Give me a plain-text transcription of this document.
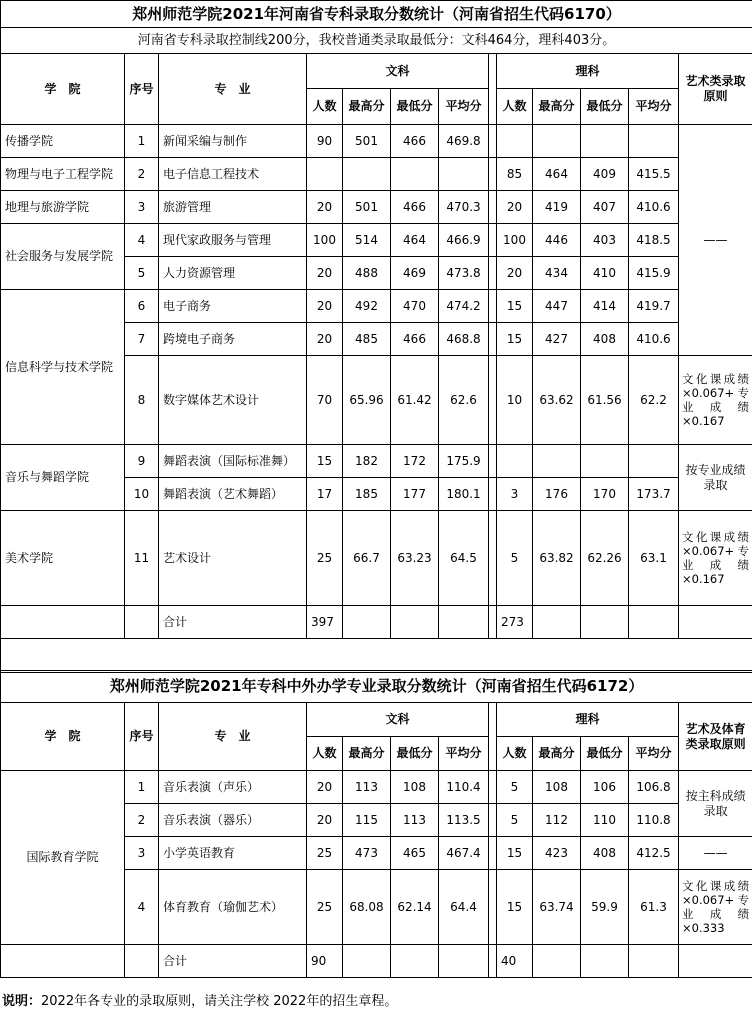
郑州师范学院2021年河南省专科录取分数统计（河南省招生代码6170）												
河南省专科录取控制线200分，我校普通类录取最低分：文科464分，理科403分。												
学　院	序号	专　业	文科					理科				艺术类录取原则
			人数	最高分	最低分	平均分		人数	最高分	最低分	平均分	
传播学院	1	新闻采编与制作	90	501	466	469.8						——
物理与电子工程学院	2	电子信息工程技术						85	464	409	415.5	
地理与旅游学院	3	旅游管理	20	501	466	470.3		20	419	407	410.6	
社会服务与发展学院	4	现代家政服务与管理	100	514	464	466.9		100	446	403	418.5	
	5	人力资源管理	20	488	469	473.8		20	434	410	415.9	
信息科学与技术学院	6	电子商务	20	492	470	474.2		15	447	414	419.7	
	7	跨境电子商务	20	485	466	468.8		15	427	408	410.6	
	8	数字媒体艺术设计	70	65.96	61.42	62.6		10	63.62	61.56	62.2	文化课成绩×0.067+专业成绩×0.167
音乐与舞蹈学院	9	舞蹈表演（国际标准舞）	15	182	172	175.9						按专业成绩录取
	10	舞蹈表演（艺术舞蹈）	17	185	177	180.1		3	176	170	173.7	
美术学院	11	艺术设计	25	66.7	63.23	64.5		5	63.82	62.26	63.1	文化课成绩×0.067+专业成绩×0.167
		合计	397					273				

郑州师范学院2021年专科中外办学专业录取分数统计（河南省招生代码6172）												
学　院	序号	专　业	文科					理科				艺术及体育类录取原则
			人数	最高分	最低分	平均分		人数	最高分	最低分	平均分	
国际教育学院	1	音乐表演（声乐）	20	113	108	110.4		5	108	106	106.8	按主科成绩录取
	2	音乐表演（器乐）	20	115	113	113.5		5	112	110	110.8	
	3	小学英语教育	25	473	465	467.4		15	423	408	412.5	——
	4	体育教育（瑜伽艺术）	25	68.08	62.14	64.4		15	63.74	59.9	61.3	文化课成绩×0.067+专业成绩×0.333
		合计	90					40				
说明：2022年各专业的录取原则，请关注学校 2022年的招生章程。
